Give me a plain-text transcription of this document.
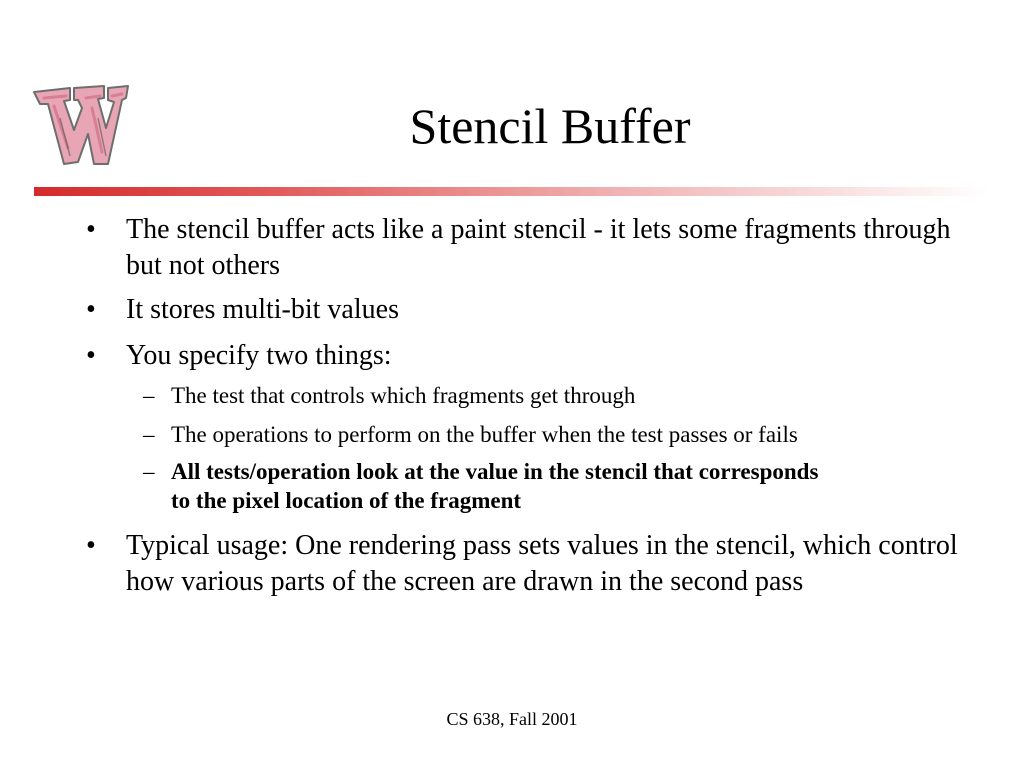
Stencil Buffer
•	The stencil buffer acts like a paint stencil - it lets some fragments through but not others
•	It stores multi-bit values
•	You specify two things:
– The test that controls which fragments get through
– The operations to perform on the buffer when the test passes or fails
– All tests/operation look at the value in the stencil that corresponds to the pixel location of the fragment
•	Typical usage: One rendering pass sets values in the stencil, which control how various parts of the screen are drawn in the second pass
CS 638, Fall 2001
